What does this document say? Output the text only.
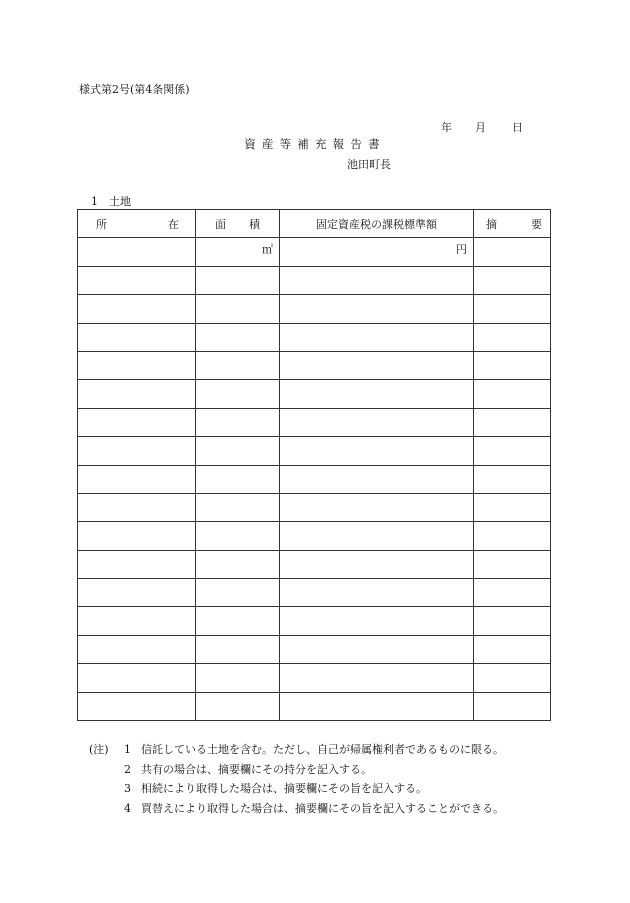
様式第2号(第4条関係)
年 月 日
資産等補充報告書
池田町長
1　土地
所 在	面 積	固定資産税の課税標準額	摘 要

	㎡	円	

(注)	1 信託している土地を含む。ただし、自己が帰属権利者であるものに限る。
2 共有の場合は、摘要欄にその持分を記入する。
3 相続により取得した場合は、摘要欄にその旨を記入する。
4 買替えにより取得した場合は、摘要欄にその旨を記入することができる。
